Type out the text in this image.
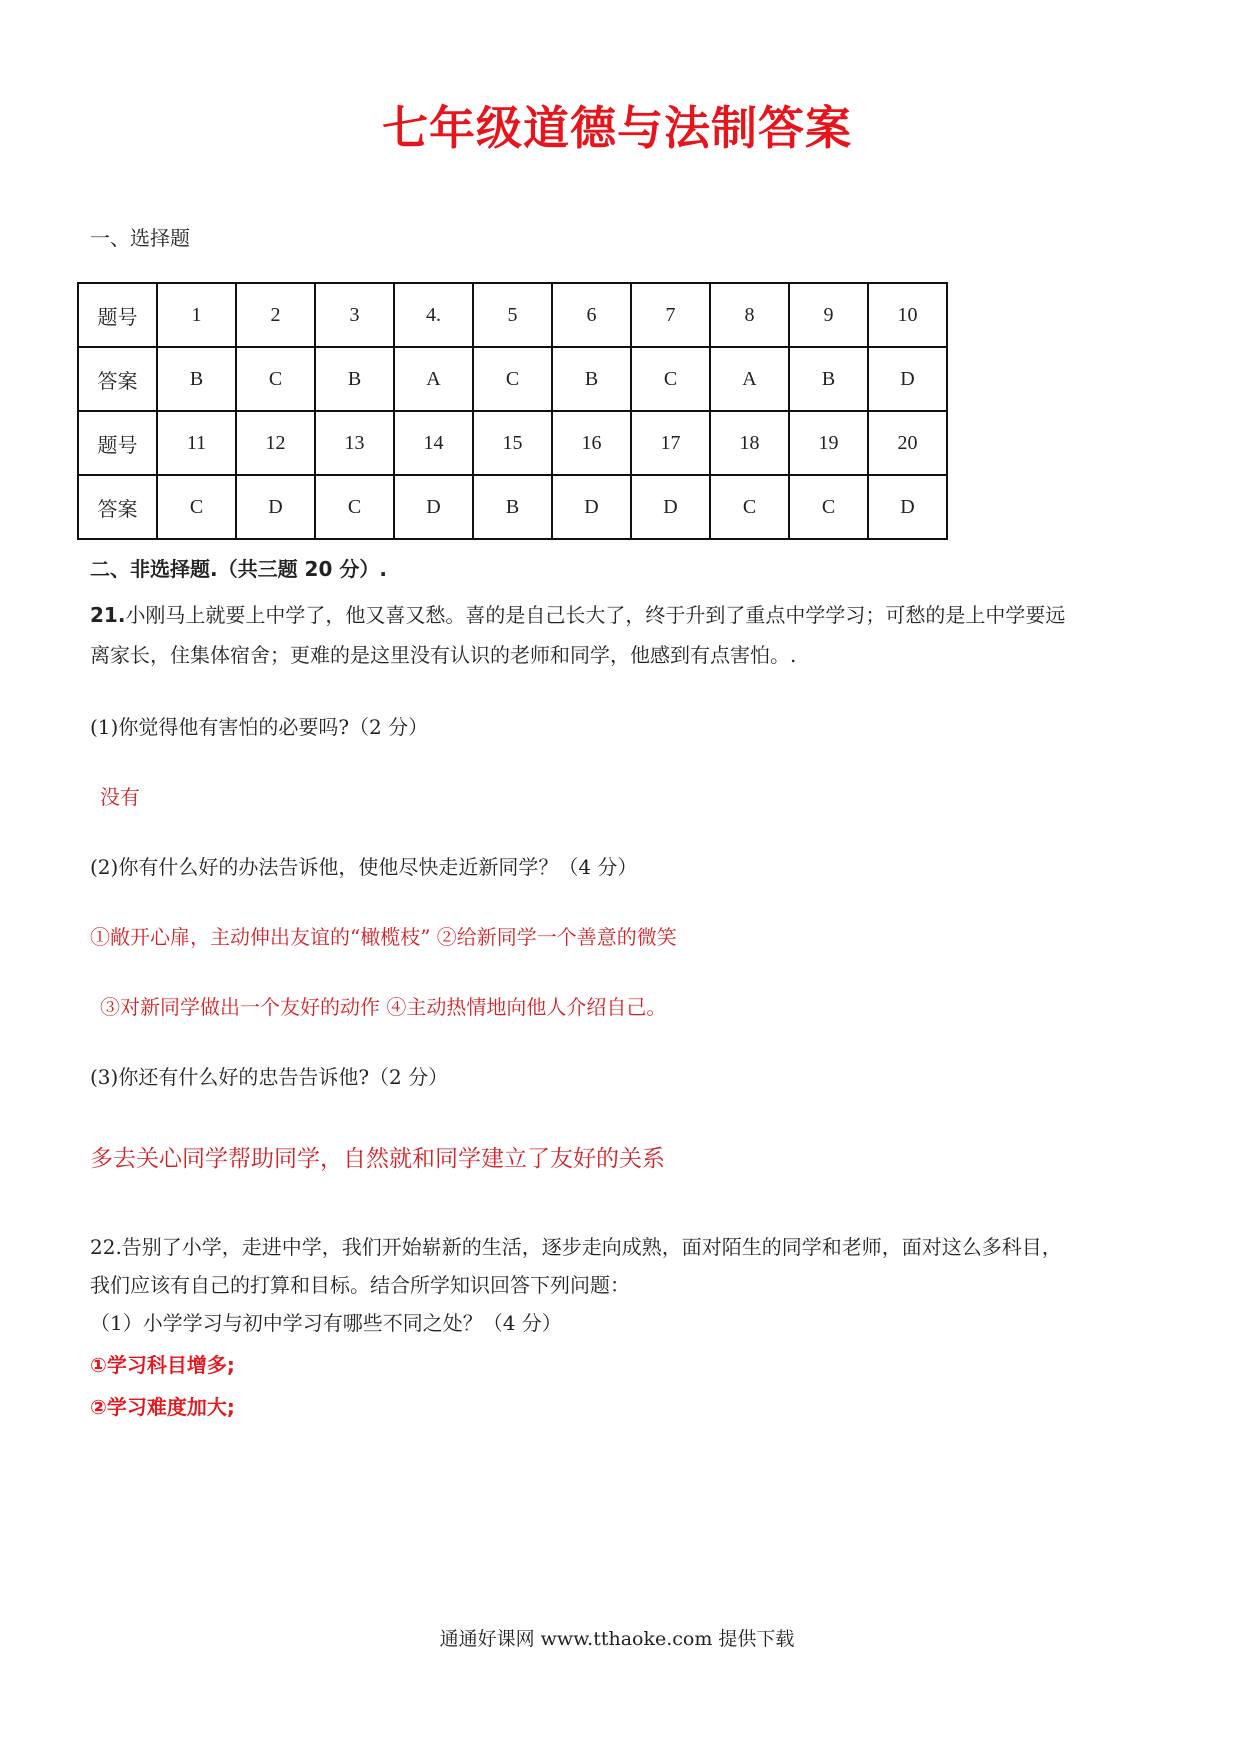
七年级道德与法制答案
一、选择题
题号	1	2	3	4.	5	6	7	8	9	10
答案	B	C	B	A	C	B	C	A	B	D
题号	11	12	13	14	15	16	17	18	19	20
答案	C	D	C	D	B	D	D	C	C	D
二、非选择题.（共三题 20 分）.
21.小刚马上就要上中学了，他又喜又愁。喜的是自己长大了，终于升到了重点中学学习；可愁的是上中学要远
离家长，住集体宿舍；更难的是这里没有认识的老师和同学，他感到有点害怕。.
(1)你觉得他有害怕的必要吗?（2 分）
没有
(2)你有什么好的办法告诉他，使他尽快走近新同学？（4 分）
①敞开心扉，主动伸出友谊的“橄榄枝” ②给新同学一个善意的微笑
③对新同学做出一个友好的动作 ④主动热情地向他人介绍自己。
(3)你还有什么好的忠告告诉他?（2 分）
多去关心同学帮助同学，自然就和同学建立了友好的关系
22.告别了小学，走进中学，我们开始崭新的生活，逐步走向成熟，面对陌生的同学和老师，面对这么多科目，
我们应该有自己的打算和目标。结合所学知识回答下列问题：
（1）小学学习与初中学习有哪些不同之处？（4 分）
①学习科目增多;
②学习难度加大;
通通好课网 www.tthaoke.com 提供下载
